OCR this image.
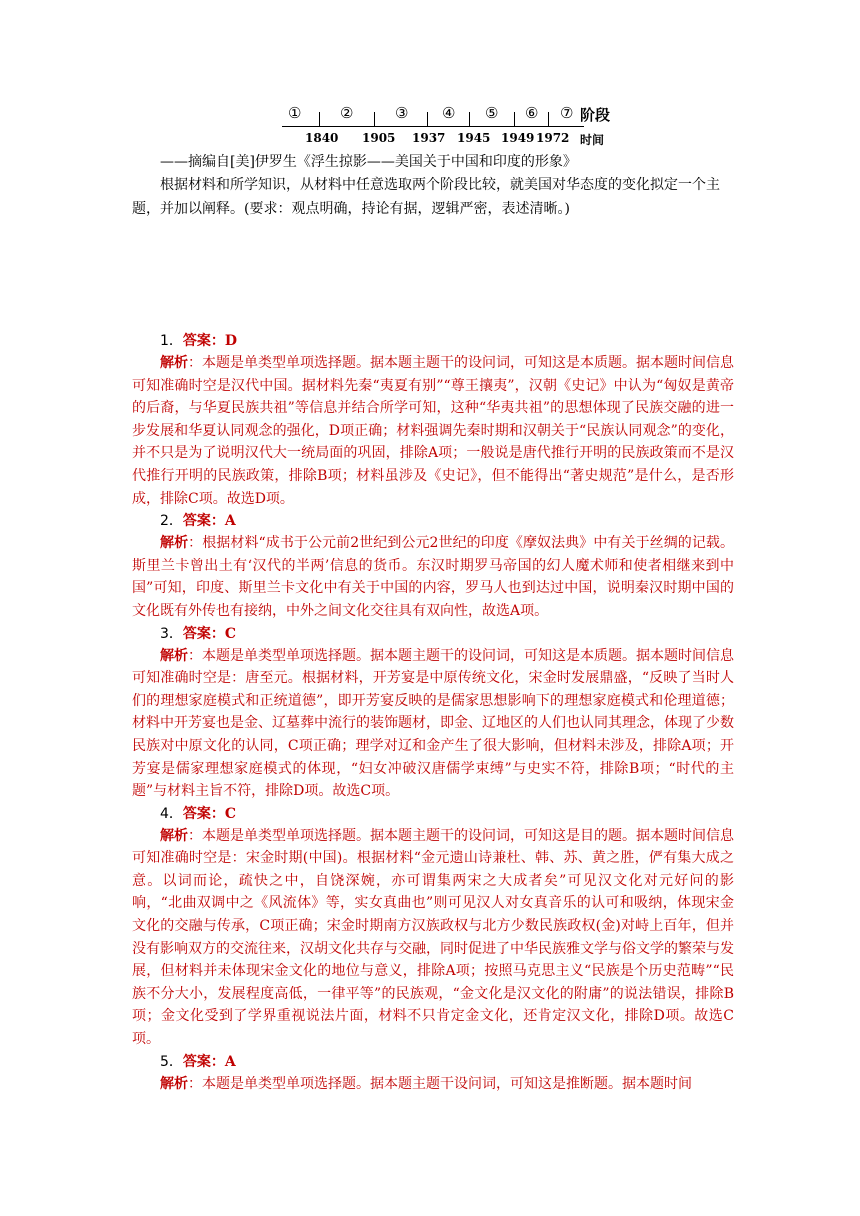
①	②	③ ④ ⑤ ⑥ ⑦ 阶段
1840 1905 1937 1945 1949 1972 时间
——摘编自[美]伊罗生《浮生掠影——美国关于中国和印度的形象》

根据材料和所学知识，从材料中任意选取两个阶段比较，就美国对华态度的变化拟定一个主题，并加以阐释。(要求：观点明确，持论有据，逻辑严密，表述清晰。)

1．答案：D

解析：本题是单类型单项选择题。据本题主题干的设问词，可知这是本质题。据本题时间信息可知准确时空是汉代中国。据材料先秦“夷夏有别”“尊王攘夷”，汉朝《史记》中认为“匈奴是黄帝的后裔，与华夏民族共祖”等信息并结合所学可知，这种“华夷共祖”的思想体现了民族交融的进一步发展和华夏认同观念的强化，D项正确；材料强调先秦时期和汉朝关于“民族认同观念”的变化，并不只是为了说明汉代大一统局面的巩固，排除A项；一般说是唐代推行开明的民族政策而不是汉代推行开明的民族政策，排除B项；材料虽涉及《史记》，但不能得出“著史规范”是什么，是否形成，排除C项。故选D项。

2．答案：A

解析：根据材料“成书于公元前2世纪到公元2世纪的印度《摩奴法典》中有关于丝绸的记载。斯里兰卡曾出土有‘汉代的半两’信息的货币。东汉时期罗马帝国的幻人魔术师和使者相继来到中国”可知，印度、斯里兰卡文化中有关于中国的内容，罗马人也到达过中国，说明秦汉时期中国的文化既有外传也有接纳，中外之间文化交往具有双向性，故选A项。

3．答案：C

解析：本题是单类型单项选择题。据本题主题干的设问词，可知这是本质题。据本题时间信息可知准确时空是：唐至元。根据材料，开芳宴是中原传统文化，宋金时发展鼎盛，“反映了当时人们的理想家庭模式和正统道德”，即开芳宴反映的是儒家思想影响下的理想家庭模式和伦理道德；材料中开芳宴也是金、辽墓葬中流行的装饰题材，即金、辽地区的人们也认同其理念，体现了少数民族对中原文化的认同，C项正确；理学对辽和金产生了很大影响，但材料未涉及，排除A项；开芳宴是儒家理想家庭模式的体现，“妇女冲破汉唐儒学束缚”与史实不符，排除B项；“时代的主题”与材料主旨不符，排除D项。故选C项。

4．答案：C

解析：本题是单类型单项选择题。据本题主题干的设问词，可知这是目的题。据本题时间信息可知准确时空是：宋金时期(中国)。根据材料“金元遗山诗兼杜、韩、苏、黄之胜，俨有集大成之意。以词而论，疏快之中，自饶深婉，亦可谓集两宋之大成者矣”可见汉文化对元好问的影响，“北曲双调中之《风流体》等，实女真曲也”则可见汉人对女真音乐的认可和吸纳，体现宋金文化的交融与传承，C项正确；宋金时期南方汉族政权与北方少数民族政权(金)对峙上百年，但并没有影响双方的交流往来，汉胡文化共存与交融，同时促进了中华民族雅文学与俗文学的繁荣与发展，但材料并未体现宋金文化的地位与意义，排除A项；按照马克思主义“民族是个历史范畴”“民族不分大小，发展程度高低，一律平等”的民族观，“金文化是汉文化的附庸”的说法错误，排除B项；金文化受到了学界重视说法片面，材料不只肯定金文化，还肯定汉文化，排除D项。故选C项。

5．答案：A

解析：本题是单类型单项选择题。据本题主题干设问词，可知这是推断题。据本题时间
